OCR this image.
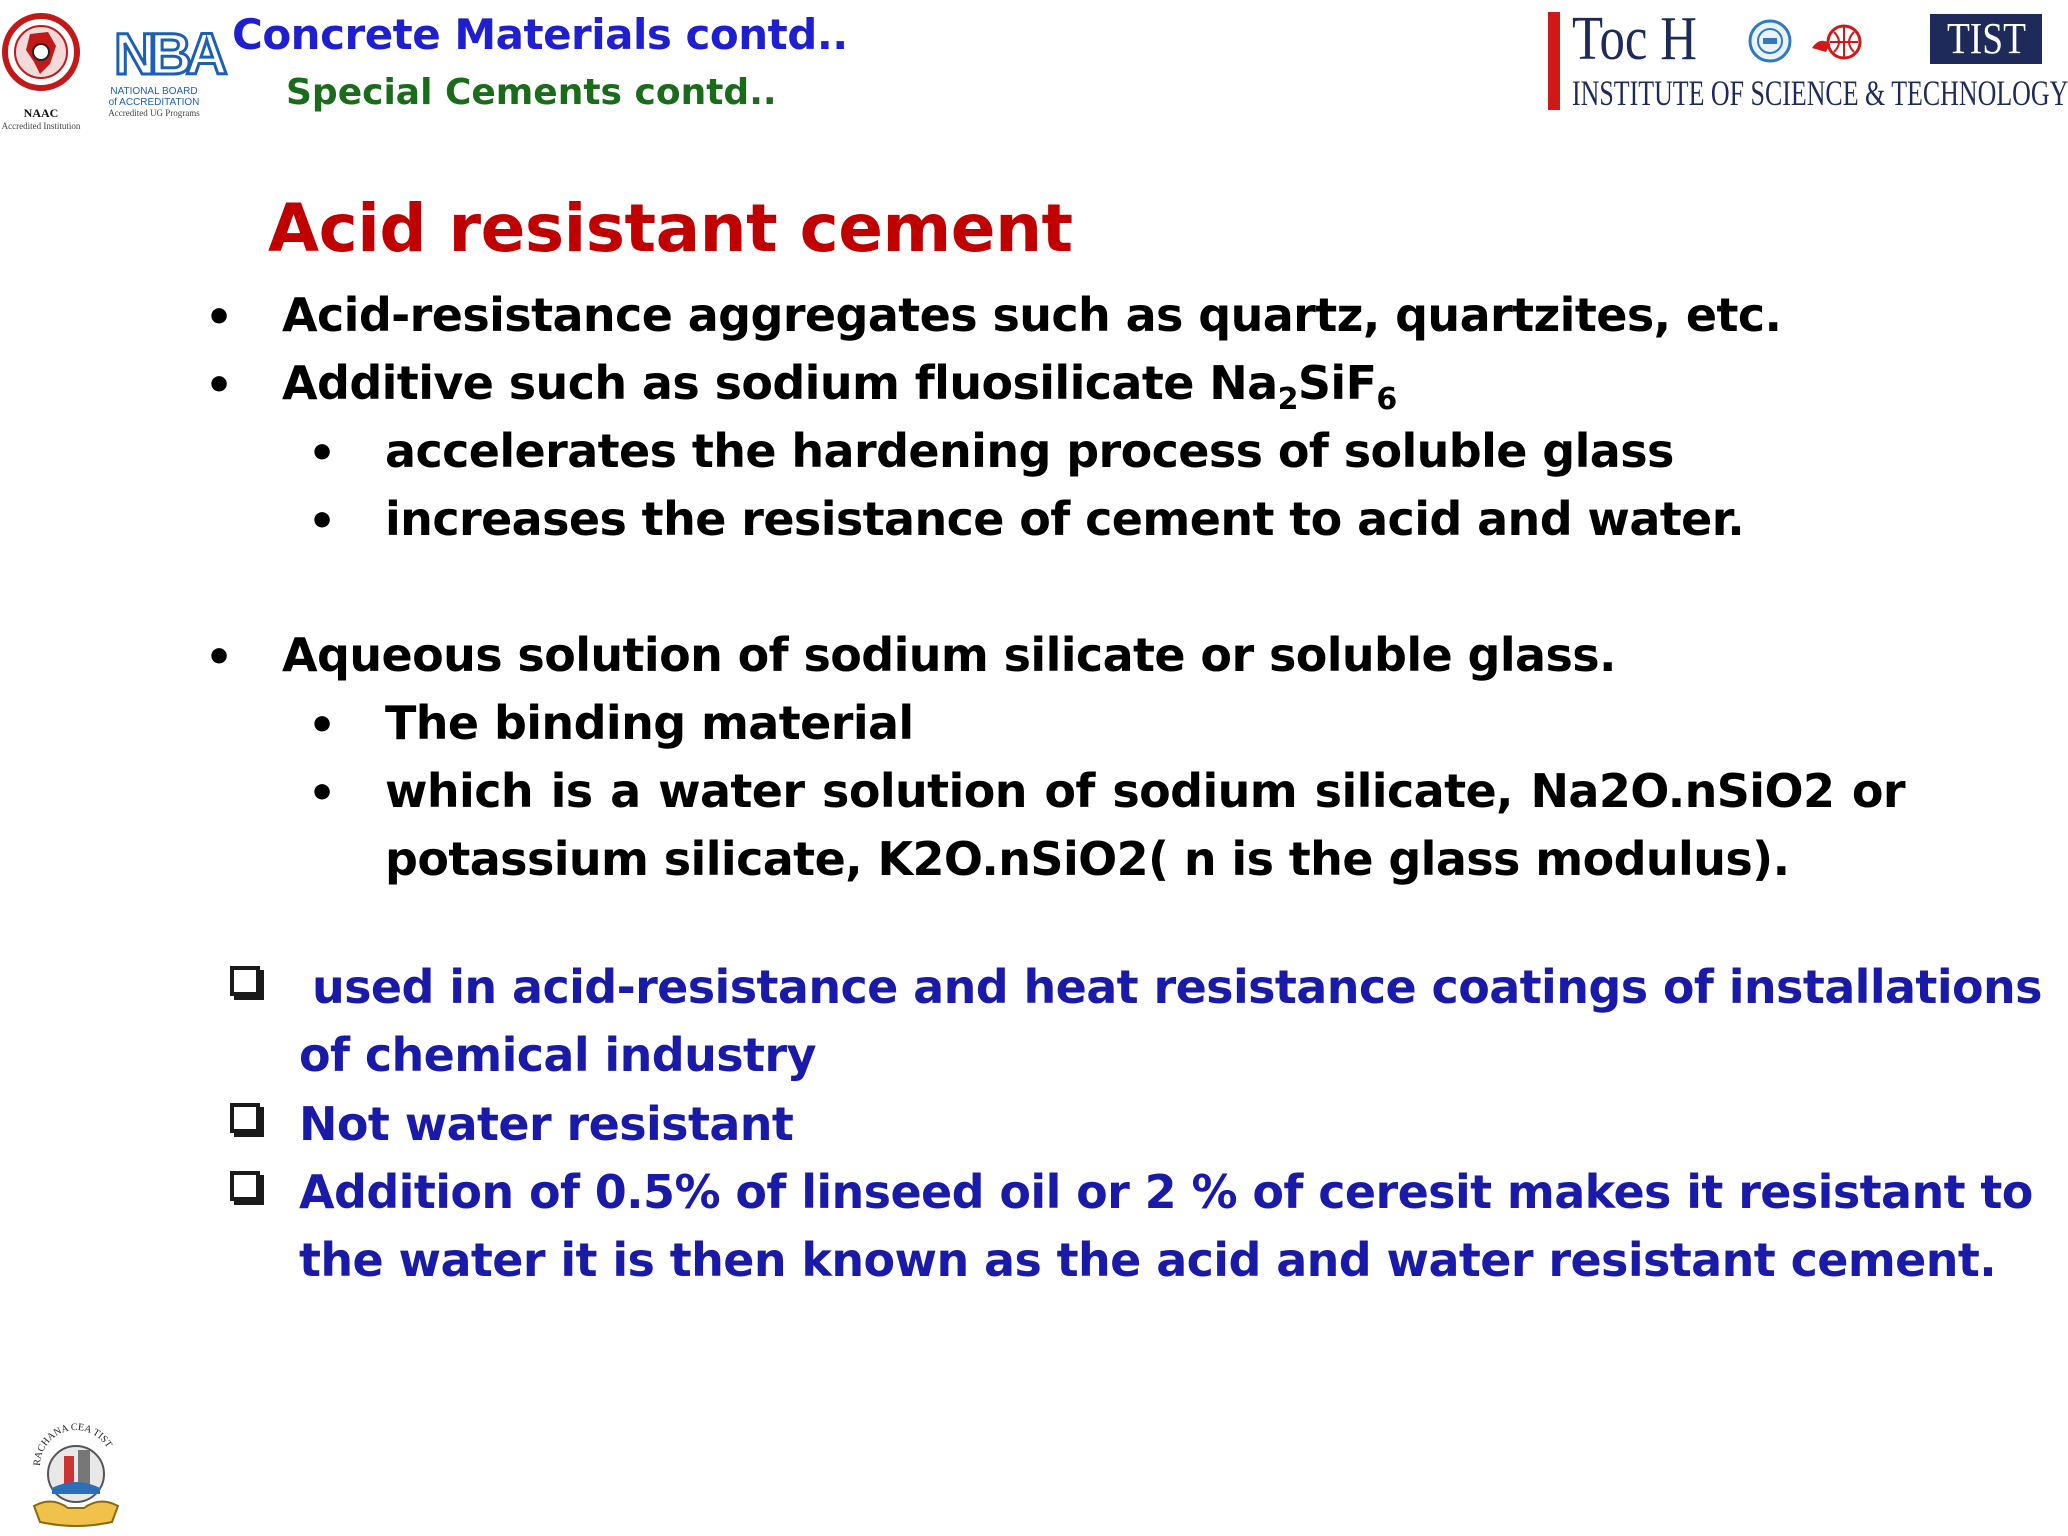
NAAC
Accredited Institution
NBA
NATIONAL BOARD
of ACCREDITATION
Accredited UG Programs
Concrete Materials contd..
Special Cements contd..
Toc H	TIST
INSTITUTE OF SCIENCE & TECHNOLOGY
Acid resistant cement
• Acid-resistance aggregates such as quartz, quartzites, etc.
• Additive such as sodium fluosilicate $Na_2SiF_6$
• accelerates the hardening process of soluble glass
• increases the resistance of cement to acid and water.
• Aqueous solution of sodium silicate or soluble glass.
• The binding material
• which is a water solution of sodium silicate, Na2O.nSiO2 or
potassium silicate, K2O.nSiO2( n is the glass modulus).
used in acid-resistance and heat resistance coatings of installations
of chemical industry
Not water resistant
Addition of 0.5% of linseed oil or 2 % of ceresit makes it resistant to
the water it is then known as the acid and water resistant cement.
RACHANA CEA TIST
